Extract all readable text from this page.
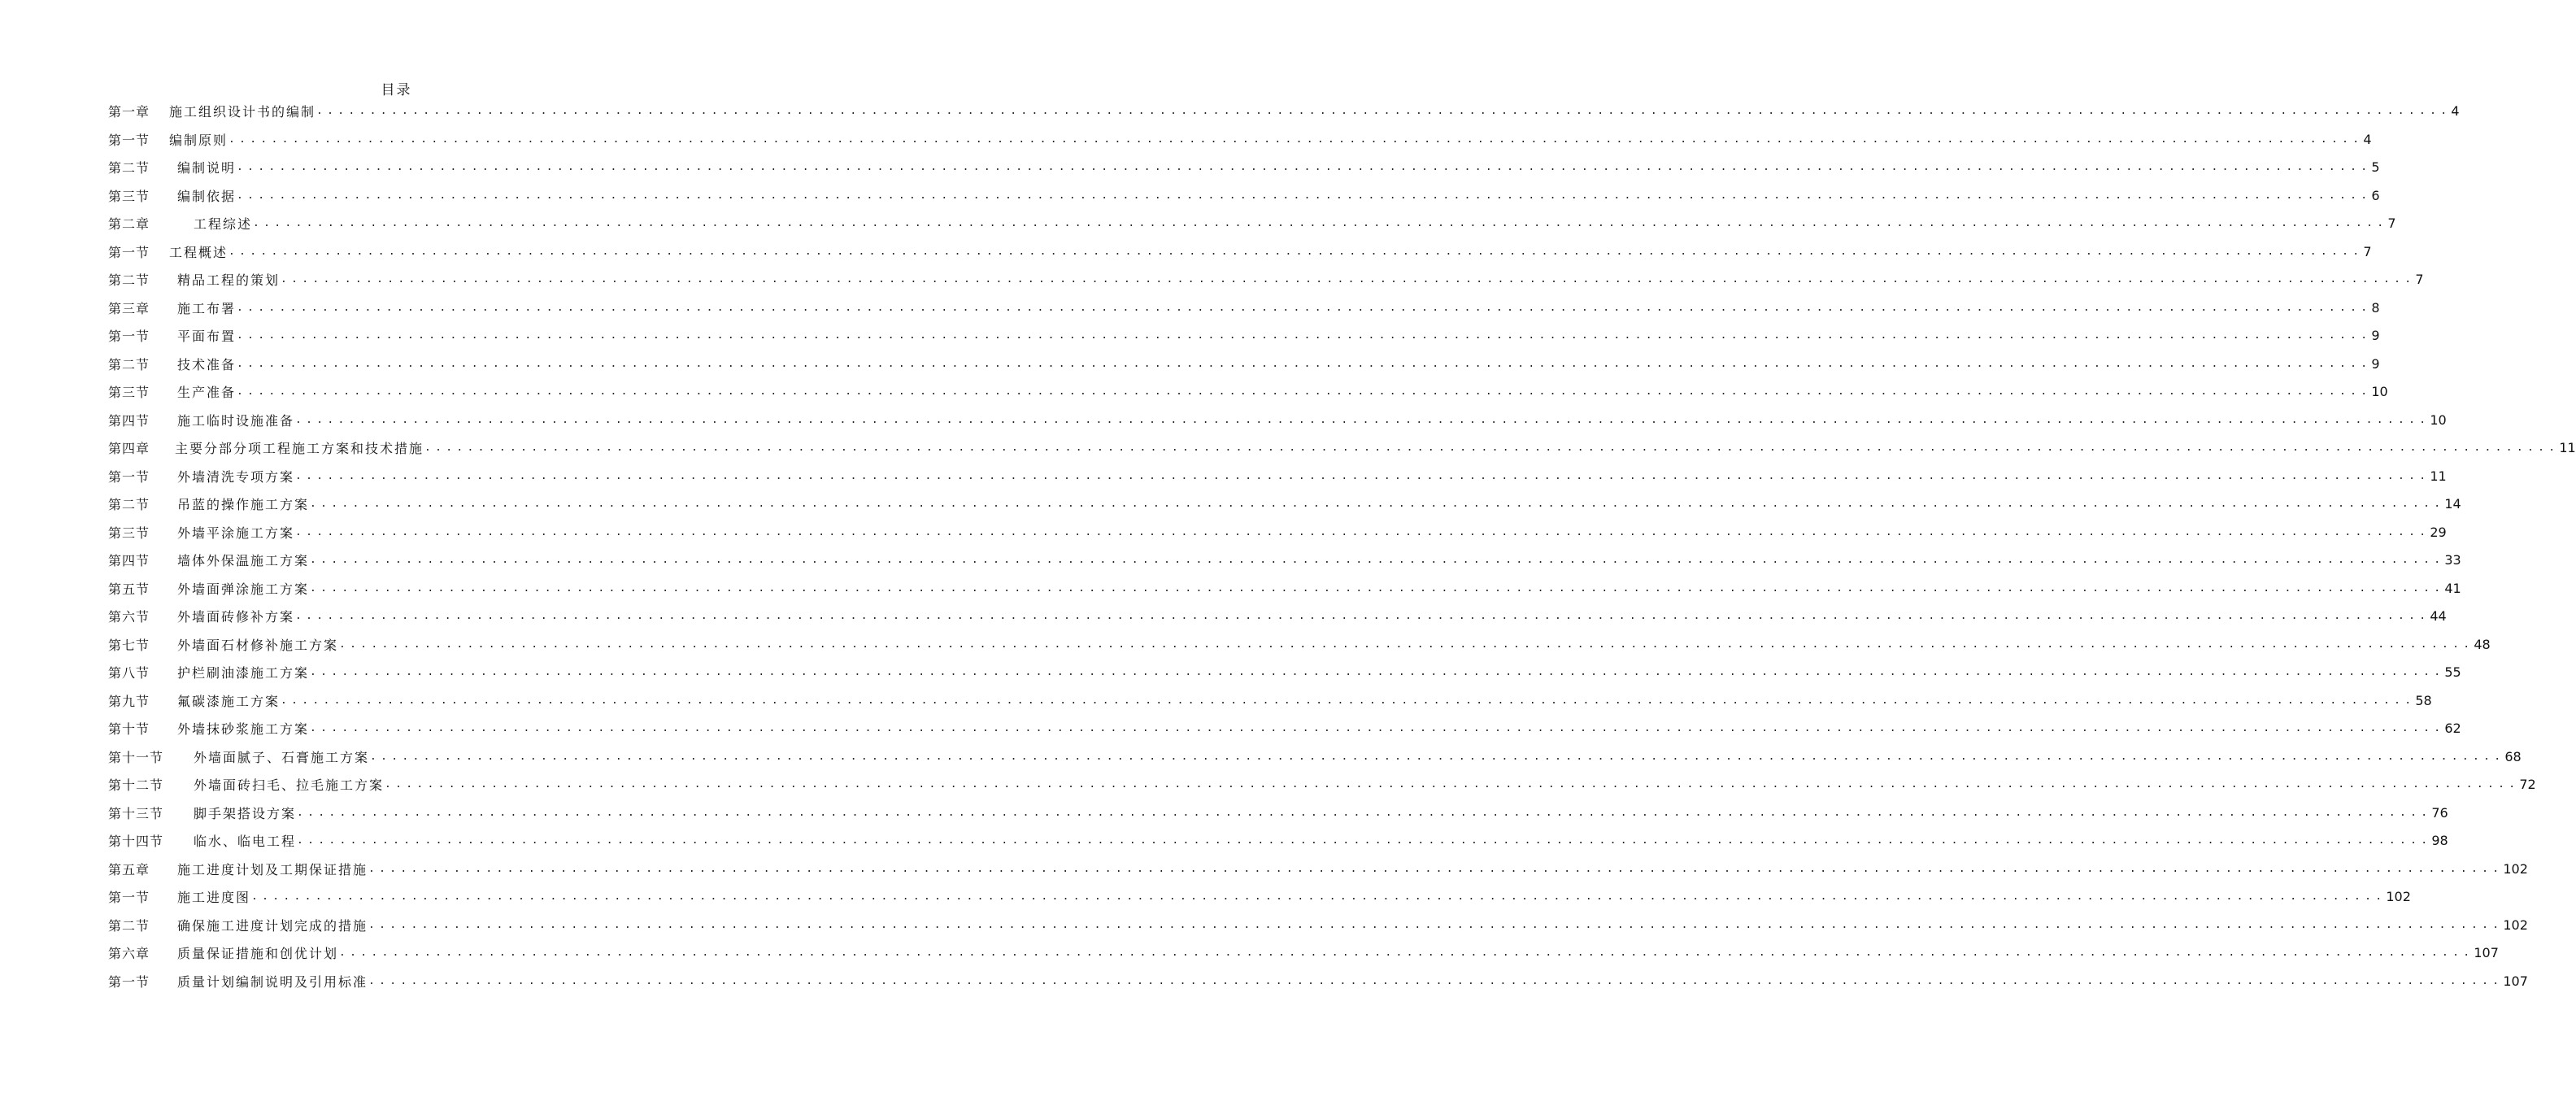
目录
第一章	施工组织设计书的编制 ........................................................................................................................................................................................................ 4
第一节	编制原则 ........................................................................................................................................................................................................ 4
第二节	编制说明 ........................................................................................................................................................................................................ 5
第三节	编制依据 ........................................................................................................................................................................................................ 6
第二章	工程综述 ........................................................................................................................................................................................................ 7
第一节	工程概述 ........................................................................................................................................................................................................ 7
第二节	精品工程的策划 ........................................................................................................................................................................................................ 7
第三章	施工布署 ........................................................................................................................................................................................................ 8
第一节	平面布置 ........................................................................................................................................................................................................ 9
第二节	技术准备 ........................................................................................................................................................................................................ 9
第三节	生产准备 ........................................................................................................................................................................................................ 10
第四节	施工临时设施准备 ........................................................................................................................................................................................................ 10
第四章	主要分部分项工程施工方案和技术措施 ........................................................................................................................................................................................................ 11
第一节	外墙清洗专项方案 ........................................................................................................................................................................................................ 11
第二节	吊蓝的操作施工方案 ........................................................................................................................................................................................................ 14
第三节	外墙平涂施工方案 ........................................................................................................................................................................................................ 29
第四节	墙体外保温施工方案 ........................................................................................................................................................................................................ 33
第五节	外墙面弹涂施工方案 ........................................................................................................................................................................................................ 41
第六节	外墙面砖修补方案 ........................................................................................................................................................................................................ 44
第七节	外墙面石材修补施工方案 ........................................................................................................................................................................................................ 48
第八节	护栏刷油漆施工方案 ........................................................................................................................................................................................................ 55
第九节	氟碳漆施工方案 ........................................................................................................................................................................................................ 58
第十节	外墙抹砂浆施工方案 ........................................................................................................................................................................................................ 62
第十一节	外墙面腻子、石膏施工方案 ........................................................................................................................................................................................................ 68
第十二节	外墙面砖扫毛、拉毛施工方案 ........................................................................................................................................................................................................ 72
第十三节	脚手架搭设方案 ........................................................................................................................................................................................................ 76
第十四节	临水、临电工程 ........................................................................................................................................................................................................ 98
第五章	施工进度计划及工期保证措施 ........................................................................................................................................................................................................ 102
第一节	施工进度图 ........................................................................................................................................................................................................ 102
第二节	确保施工进度计划完成的措施 ........................................................................................................................................................................................................ 102
第六章	质量保证措施和创优计划 ........................................................................................................................................................................................................ 107
第一节	质量计划编制说明及引用标准 ........................................................................................................................................................................................................ 107
